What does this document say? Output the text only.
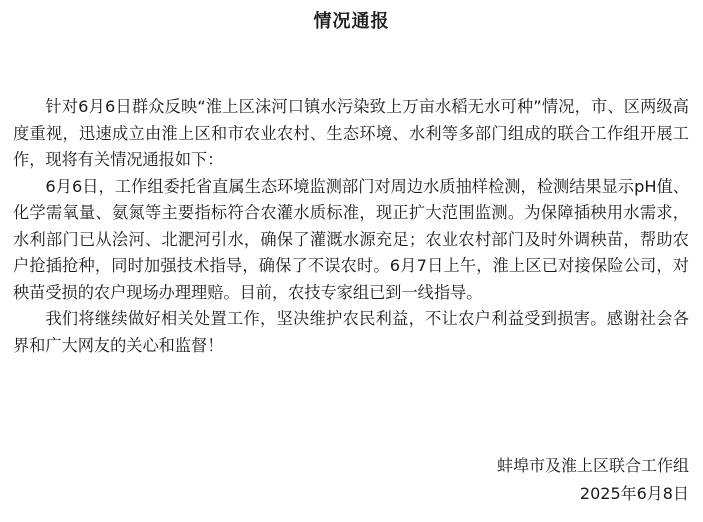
情况通报

针对6月6日群众反映“淮上区沫河口镇水污染致上万亩水稻无水可种”情况，市、区两级高度重视，迅速成立由淮上区和市农业农村、生态环境、水利等多部门组成的联合工作组开展工作，现将有关情况通报如下：

6月6日，工作组委托省直属生态环境监测部门对周边水质抽样检测，检测结果显示pH值、化学需氧量、氨氮等主要指标符合农灌水质标准，现正扩大范围监测。为保障插秧用水需求，水利部门已从浍河、北淝河引水，确保了灌溉水源充足；农业农村部门及时外调秧苗，帮助农户抢插抢种，同时加强技术指导，确保了不误农时。6月7日上午，淮上区已对接保险公司，对秧苗受损的农户现场办理理赔。目前，农技专家组已到一线指导。

我们将继续做好相关处置工作，坚决维护农民利益，不让农户利益受到损害。感谢社会各界和广大网友的关心和监督！

蚌埠市及淮上区联合工作组
2025年6月8日
